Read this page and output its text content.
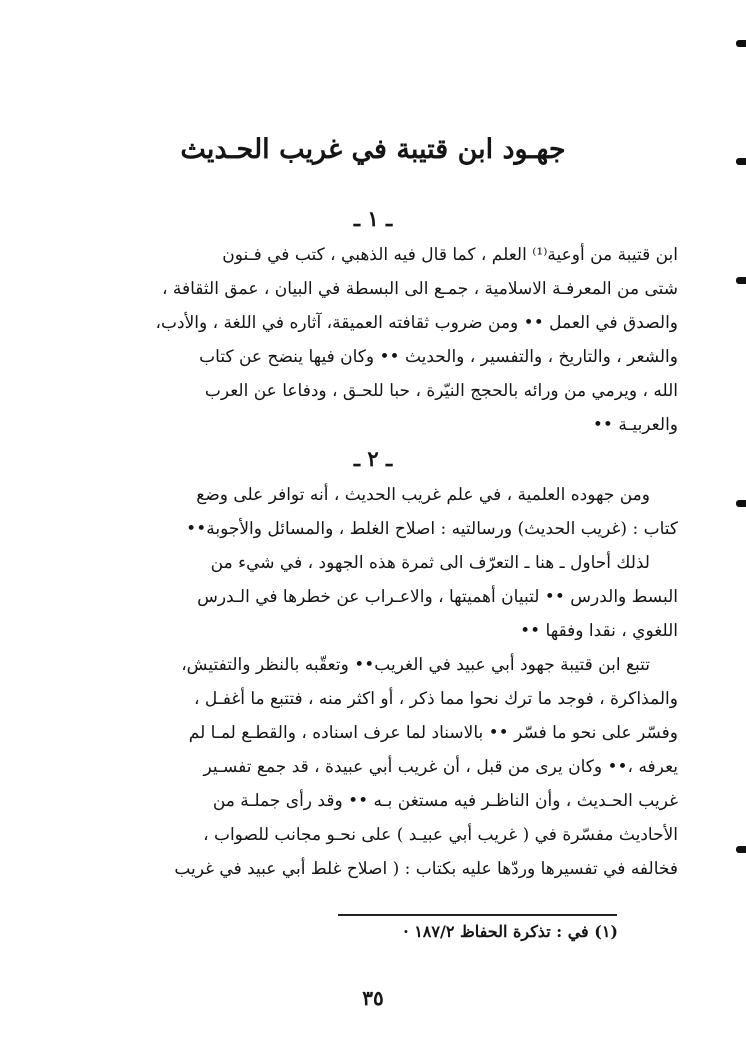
جهـود ابن قتيبة في غريب الحـديث
ـ ١ ـ

ابن قتيبة من أوعية⁽¹⁾ العلم ، كما قال فيه الذهبي ، كتب في فـنون

شتى من المعرفـة الاسلامية ، جمـع الى البسطة في البيان ، عمق الثقافة ،

والصدق في العمل •• ومن ضروب ثقافته العميقة، آثاره في اللغة ، والأدب،

والشعر ، والتاريخ ، والتفسير ، والحديث •• وكان فيها ينضح عن كتاب

الله ، ويرمي من ورائه بالحجج النيّرة ، حبا للحـق ، ودفاعا عن العرب

والعربيـة ••

ـ ٢ ـ

ومن جهوده العلمية ، في علم غريب الحديث ، أنه توافر على وضع

كتاب : (غريب الحديث) ورسالتيه : اصلاح الغلط ، والمسائل والأجوبة••

لذلك أحاول ـ هنا ـ التعرّف الى ثمرة هذه الجهود ، في شيء من

البسط والدرس •• لتبيان أهميتها ، والاعـراب عن خطرها في الـدرس

اللغوي ، نقدا وفقها ••

تتبع ابن قتيبة جهود أبي عبيد في الغريب•• وتعقّبه بالنظر والتفتيش،

والمذاكرة ، فوجد ما ترك نحوا مما ذكر ، أو اكثر منه ، فتتبع ما أغفـل ،

وفسّر على نحو ما فسّر •• بالاسناد لما عرف اسناده ، والقطـع لمـا لم

يعرفه ،•• وكان يرى من قبل ، أن غريب أبي عبيدة ، قد جمع تفسـير

غريب الحـديث ، وأن الناظـر فيه مستغن بـه •• وقد رأى جملـة من

الأحاديث مفسّرة في ( غريب أبي عبيـد ) على نحـو مجانب للصواب ،

فخالفه في تفسيرها وردّها عليه بكتاب : ( اصلاح غلط أبي عبيد في غريب

(١) في : تذكرة الحفاظ ١٨٧/٢ ·
٣٥
